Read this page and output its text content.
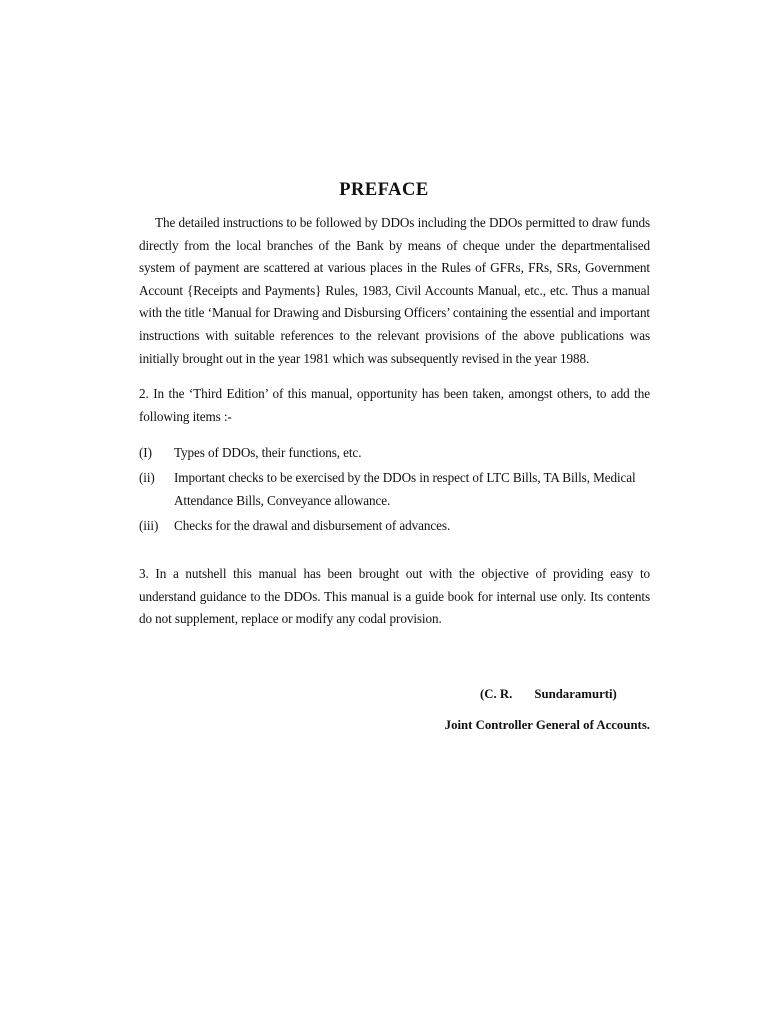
PREFACE
The detailed instructions to be followed by DDOs including the DDOs permitted to draw funds directly from the local branches of the Bank by means of cheque under the departmentalised system of payment are scattered at various places in the Rules of GFRs, FRs, SRs, Government Account {Receipts and Payments} Rules, 1983, Civil Accounts Manual, etc., etc. Thus a manual with the title ‘Manual for Drawing and Disbursing Officers’ containing the essential and important instructions with suitable references to the relevant provisions of the above publications was initially brought out in the year 1981 which was subsequently revised in the year 1988.
2. In the ‘Third Edition’ of this manual, opportunity has been taken, amongst others, to add the following items :-
(I)	Types of DDOs, their functions, etc.
(ii)	Important checks to be exercised by the DDOs in respect of LTC Bills, TA Bills, Medical Attendance Bills, Conveyance allowance.
(iii)	Checks for the drawal and disbursement of advances.
3. In a nutshell this manual has been brought out with the objective of providing easy to understand guidance to the DDOs. This manual is a guide book for internal use only. Its contents do not supplement, replace or modify any codal provision.
(C. R. Sundaramurti)
Joint Controller General of Accounts.
